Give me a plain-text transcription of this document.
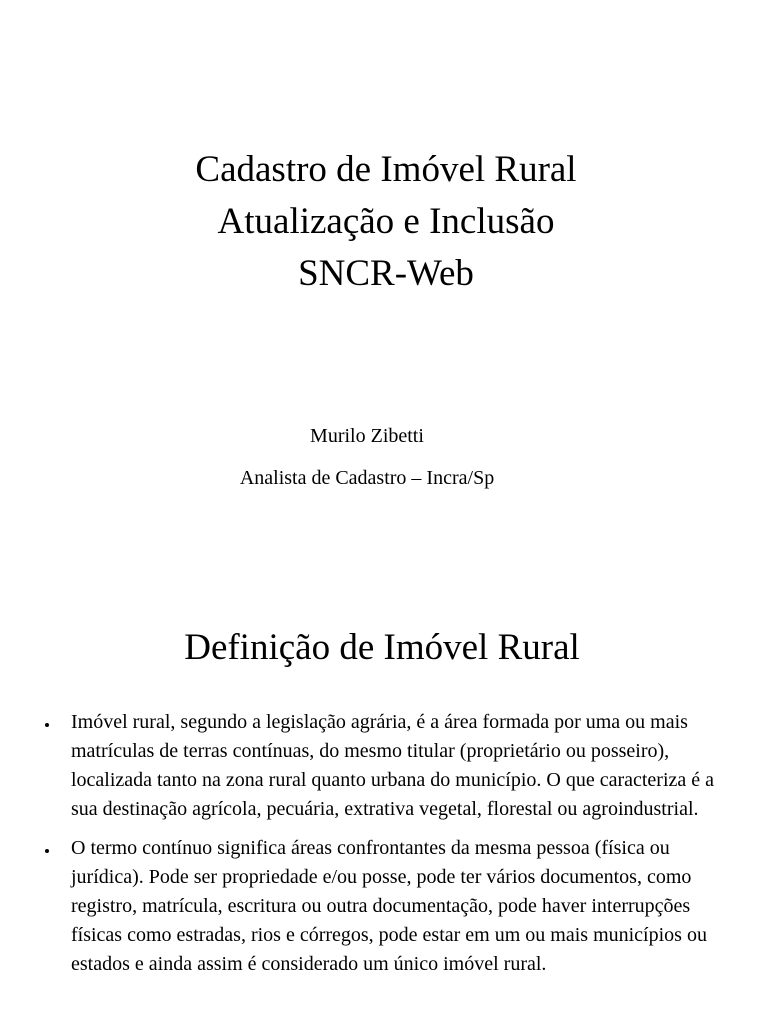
Cadastro de Imóvel Rural
Atualização e Inclusão
SNCR-Web
Murilo Zibetti
Analista de Cadastro – Incra/Sp
Definição de Imóvel Rural
Imóvel rural, segundo a legislação agrária, é a área formada por uma ou mais matrículas de terras contínuas, do mesmo titular (proprietário ou posseiro), localizada tanto na zona rural quanto urbana do município. O que caracteriza é a sua destinação agrícola, pecuária, extrativa vegetal, florestal ou agroindustrial.
O termo contínuo significa áreas confrontantes da mesma pessoa (física ou jurídica). Pode ser propriedade e/ou posse, pode ter vários documentos, como registro, matrícula, escritura ou outra documentação, pode haver interrupções físicas como estradas, rios e córregos, pode estar em um ou mais municípios ou estados e ainda assim é considerado um único imóvel rural.
